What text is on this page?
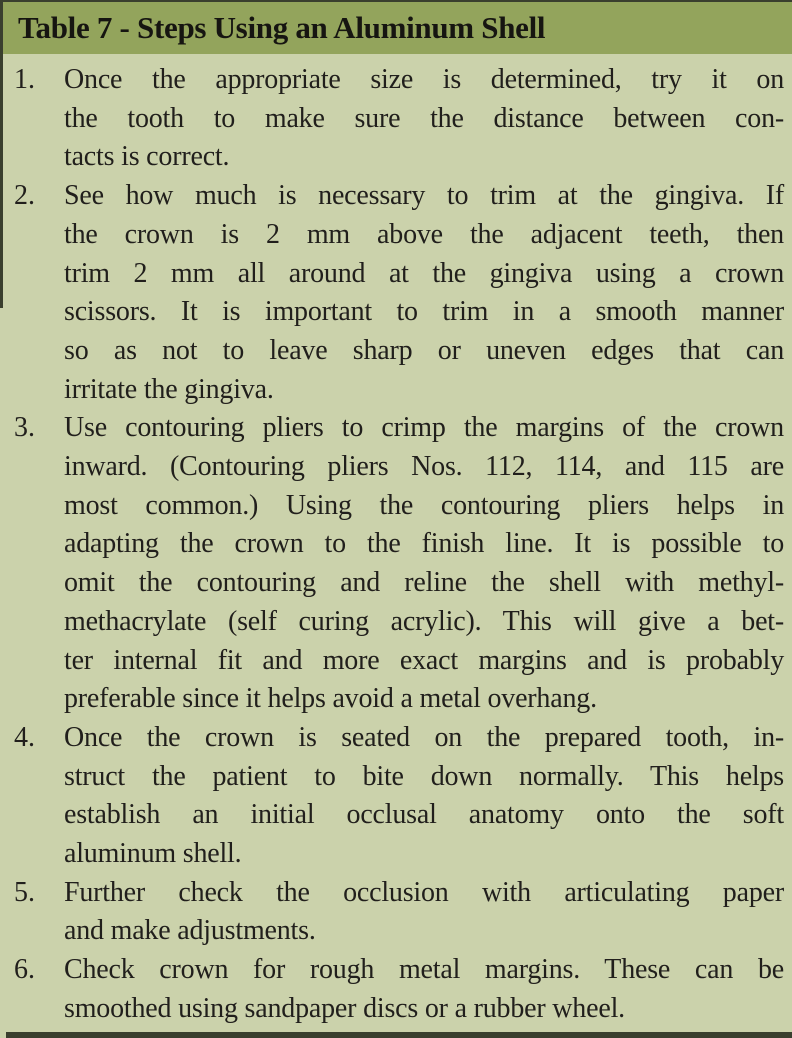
Table 7 - Steps Using an Aluminum Shell
1.	Once the appropriate size is determined, try it on
the tooth to make sure the distance between con-
tacts is correct.
2.	See how much is necessary to trim at the gingiva. If
the crown is 2 mm above the adjacent teeth, then
trim 2 mm all around at the gingiva using a crown
scissors. It is important to trim in a smooth manner
so as not to leave sharp or uneven edges that can
irritate the gingiva.
3.	Use contouring pliers to crimp the margins of the crown
inward. (Contouring pliers Nos. 112, 114, and 115 are
most common.) Using the contouring pliers helps in
adapting the crown to the finish line. It is possible to
omit the contouring and reline the shell with methyl-
methacrylate (self curing acrylic). This will give a bet-
ter internal fit and more exact margins and is probably
preferable since it helps avoid a metal overhang.
4.	Once the crown is seated on the prepared tooth, in-
struct the patient to bite down normally. This helps
establish an initial occlusal anatomy onto the soft
aluminum shell.
5.	Further check the occlusion with articulating paper
and make adjustments.
6.	Check crown for rough metal margins. These can be
smoothed using sandpaper discs or a rubber wheel.
